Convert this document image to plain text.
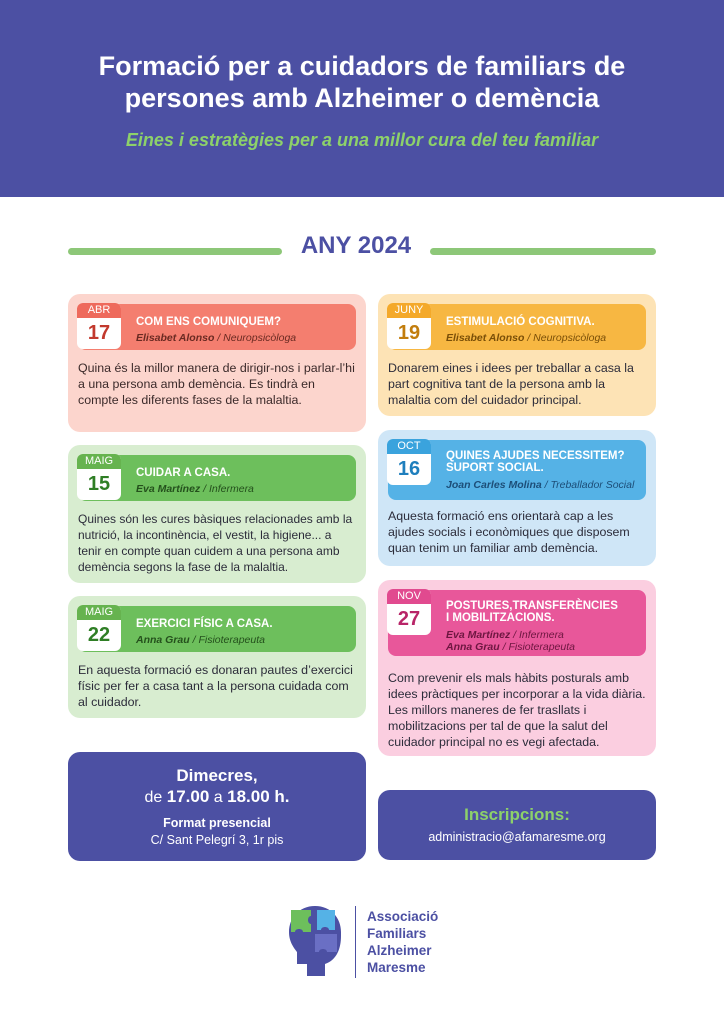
Formació per a cuidadors de familiars de
persones amb Alzheimer o demència
Eines i estratègies per a una millor cura del teu familiar
ANY 2024
ABR
17	COM ENS COMUNIQUEM?
Elisabet Alonso / Neuropsicòloga
Quina és la millor manera de dirigir-nos i parlar-l’hi a una persona amb demència. Es tindrà en compte les diferents fases de la malaltia.
JUNY
19	ESTIMULACIÓ COGNITIVA.
Elisabet Alonso / Neuropsicòloga
Donarem eines i idees per treballar a casa la part cognitiva tant de la persona amb la malaltia com del cuidador principal.
MAIG
15	CUIDAR A CASA.
Eva Martínez / Infermera
Quines són les cures bàsiques relacionades amb la nutrició, la incontinència, el vestit, la higiene... a tenir en compte quan cuidem a una persona amb demència segons la fase de la malaltia.
OCT
16
QUINES AJUDES NECESSITEM?
SUPORT SOCIAL.
Joan Carles Molina / Treballador Social
Aquesta formació ens orientarà cap a les ajudes socials i econòmiques que disposem quan tenim un familiar amb demència.
MAIG
22	EXERCICI FÍSIC A CASA.
Anna Grau / Fisioterapeuta
En aquesta formació es donaran pautes d’exercici físic per fer a casa tant a la persona cuidada com al cuidador.
NOV
27
POSTURES,TRANSFERÈNCIES
I MOBILITZACIONS.
Eva Martínez / Infermera
Anna Grau / Fisioterapeuta
Com prevenir els mals hàbits posturals amb idees pràctiques per incorporar a la vida diària. Les millors maneres de fer trasllats i mobilitzacions per tal de que la salut del cuidador principal no es vegi afectada.
Dimecres,
de 17.00 a 18.00 h.
Format presencial
C/ Sant Pelegrí 3, 1r pis
Inscripcions:
administracio@afamaresme.org
Associació
Familiars
Alzheimer
Maresme
